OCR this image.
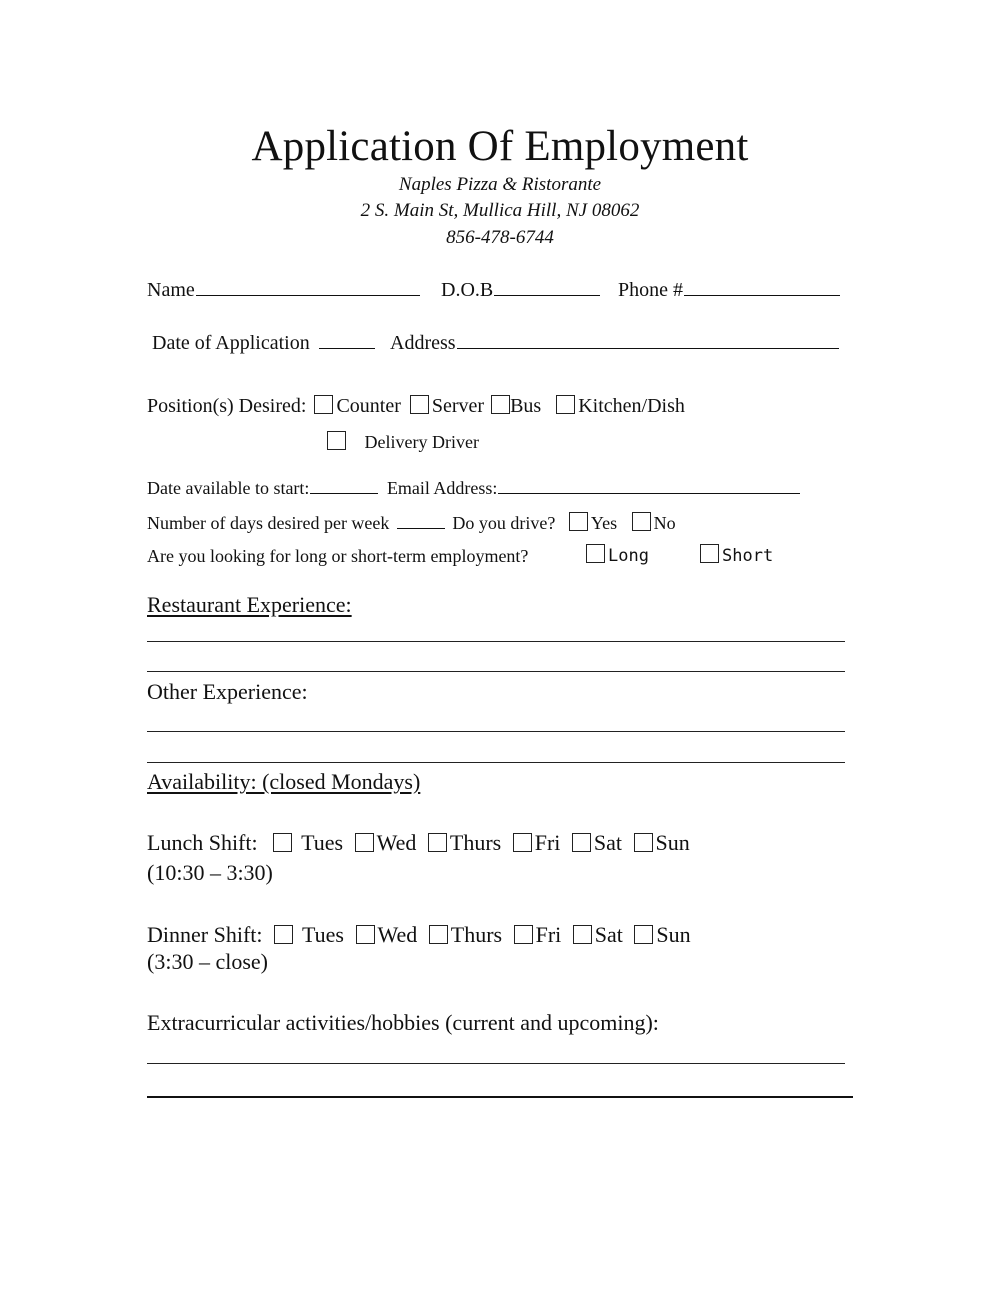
Application Of Employment
Naples Pizza & Ristorante
2 S. Main St, Mullica Hill, NJ 08062
856-478-6744
Name	D.O.B	Phone #
Date of Application	Address
Position(s) Desired: Counter Server Bus Kitchen/Dish
Delivery Driver
Date available to start:	Email Address:
Number of days desired per week	Do you drive? Yes No
Are you looking for long or short-term employment?	Long	Short
Restaurant Experience:
Other Experience:
Availability: (closed Mondays)
Lunch Shift: Tues Wed Thurs Fri Sat Sun
(10:30 – 3:30)
Dinner Shift: Tues Wed Thurs Fri Sat Sun
(3:30 – close)
Extracurricular activities/hobbies (current and upcoming):
